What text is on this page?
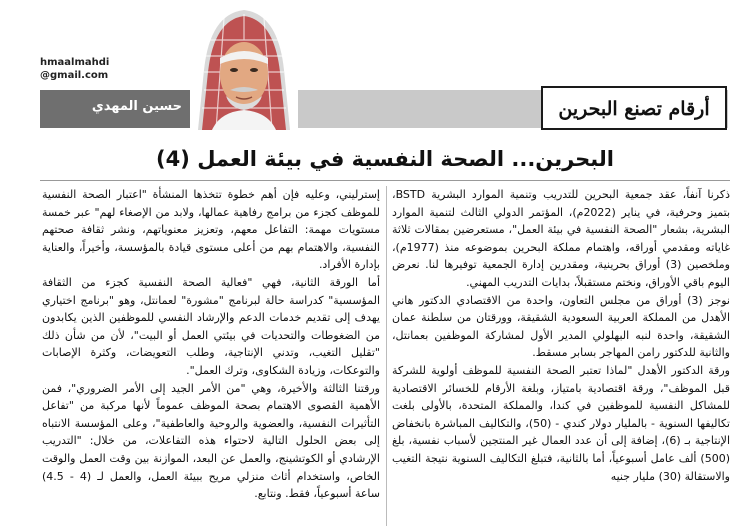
hmaalmahdi
@gmail.com
حسين المهدي	أرقام تصنع البحرين
البحرين... الصحة النفسية في بيئة العمل (4)

ذكرنا آنفاً، عقد جمعية البحرين للتدريب وتنمية الموارد البشرية BSTD، بتميز وحرفية، في يناير (2022م)، المؤتمر الدولي الثالث لتنمية الموارد البشرية، بشعار "الصحة النفسية في بيئة العمل"، مستعرضين بمقالات ثلاثة غاياته ومقدمي أوراقه، واهتمام مملكة البحرين بموضوعه منذ (1977م)، وملخصين (3) أوراق بحرينية، ومقدرين إدارة الجمعية توفيرها لنا. نعرض اليوم باقي الأوراق، ونختم مستقبلاً، بدايات التدريب المهني.

نوجز (3) أوراق من مجلس التعاون، واحدة من الاقتصادي الدكتور هاني الأهدل من المملكة العربية السعودية الشقيقة، وورقتان من سلطنة عمان الشقيقة، واحدة لنبه البهلولي المدير الأول لمشاركة الموظفين بعمانتل، والثانية للدكتور رامن المهاجر بسابر مسقط.

ورقة الدكتور الأهدل "لماذا تعتبر الصحة النفسية للموظف أولوية للشركة قبل الموظف"، ورقة اقتصادية بامتياز، وبلغة الأرقام للخسائر الاقتصادية للمشاكل النفسية للموظفين في كندا، والمملكة المتحدة، بالأولى بلغت تكاليفها السنوية - بالمليار دولار كندي - (50)، والتكاليف المباشرة بانخفاض الإنتاجية بـ (6)، إضافة إلى أن عدد العمال غير المنتجين لأسباب نفسية، بلغ (500) ألف عامل أسبوعياً، أما بالثانية، فتبلغ التكاليف السنوية نتيجة التغيب والاستقالة (30) مليار جنيه

إسترليني، وعليه فإن أهم خطوة تتخذها المنشأة "اعتبار الصحة النفسية للموظف كجزء من برامج رفاهية عمالها، ولابد من الإصغاء لهم" عبر خمسة مستويات مهمة: التفاعل معهم، وتعزيز معنوياتهم، ونشر ثقافة صحتهم النفسية، والاهتمام بهم من أعلى مستوى قيادة بالمؤسسة، وأخيراً، والعناية بإدارة الأفراد.

أما الورقة الثانية، فهي "فعالية الصحة النفسية كجزء من الثقافة المؤسسية" كدراسة حالة لبرنامج "مشورة" لعمانتل، وهو "برنامج اختياري يهدف إلى تقديم خدمات الدعم والإرشاد النفسي للموظفين الذين يكابدون من الضغوطات والتحديات في بيئتي العمل أو البيت"، لأن من شأن ذلك "تقليل التغيب، وتدني الإنتاجية، وطلب التعويضات، وكثرة الإصابات والتوعكات، وزيادة الشكاوى، وترك العمل".

ورقتنا الثالثة والأخيرة، وهي "من الأمر الجيد إلى الأمر الضروري"، فمن الأهمية القصوى الاهتمام بصحة الموظف عموماً لأنها مركبة من "تفاعل التأثيرات النفسية، والعضوية والروحية والعاطفية"، وعلى المؤسسة الانتباه إلى بعض الحلول التالية لاحتواء هذه التفاعلات، من خلال: "التدريب الإرشادي أو الكوتشينج، والعمل عن البعد، الموازنة بين وقت العمل والوقت الخاص، واستخدام أثاث منزلي مريح ببيئة العمل، والعمل لـ (4 - 4.5) ساعة أسبوعياً، فقط. ونتابع.
